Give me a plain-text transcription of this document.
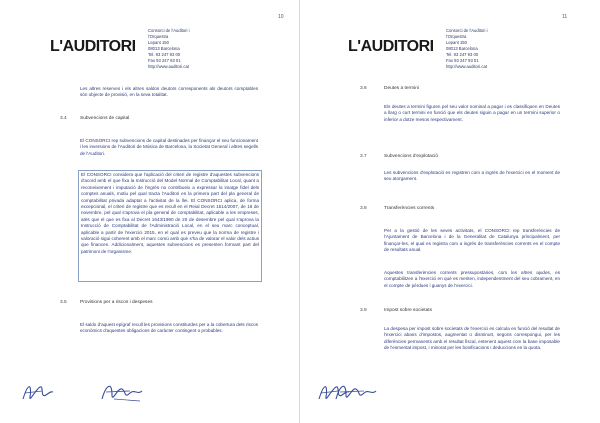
10
L'AUDITORI
Consorci de l'Auditori i
l'Orquestra
Lepant 150
08013 Barcelona
Tel. 93 247 93 00
Fax 93 247 93 01
http://www.auditori.cat
Les altres reserves i els altres saldos deutors corresponents als deutors comptables són objecte de provisió, en la seva totalitat.
3.4	Subvencions de capital
El CONSORCI rep subvencions de capital destinades per finançar el seu funcionament i les inversions de l'Auditori de Música de Barcelona, la Societat General i altres segells de l'Auditori.
El CONSORCI considera que l'aplicació del criteri de registre d'aquestes subvencions d'acord amb el que fixa la Instrucció del Model Normal de Comptabilitat Local, quant a reconeixement i imputació de l'ingrés no contribueix a expressar la imatge fidel dels comptes anuals, motiu pel qual tracta l'Auditori en la primera part del pla general de comptabilitat privada adaptat a l'activitat de la llei. El CONSORCI aplica, de forma excepcional, el criteri de registre que es recull en el Reial Decret 1514/2007, de 16 de novembre, pel qual s'aprova el pla general de comptabilitat, aplicable a les empreses, atès que el que es fixa al Decret 1643/1990 de 20 de desembre pel qual s'aprova la Instrucció de Comptabilitat de l'Administració Local, en el seu marc conceptual, aplicable a partir de l'exercici 2015, en el qual es preveu que la norma de registre i valoració sigui coherent amb el marc comú amb què s'ha de valorar el valor dels actius que financen. Addicionalment, aquestes subvencions es presenten formant part del patrimoni de l'organisme.
3.5	Provisions per a riscos i despeses
El saldo d'aquest epígraf recull les provisions constituïdes per a la cobertura dels riscos econòmics d'aquestes obligacions de caràcter contingent o probables.
11
L'AUDITORI
Consorci de l'Auditori i
l'Orquestra
Lepant 150
08013 Barcelona
Tel. 93 247 93 00
Fax 93 247 93 01
http://www.auditori.cat
3.6	Deutes a termini
Els deutes a termini figuren pel seu valor nominal a pagar i es classifiquen en Deutes a llarg o curt termini en funció que els deutes siguin a pagar en un termini superior o inferior a dotze mesos respectivament.
3.7	Subvencions d'explotació
Les subvencions d'explotació es registren com a ingrés de l'exercici en el moment de seu atorgament.
3.8	Transferències corrents
Per a la gestió de les seves activitats, el CONSORCI rep transferències de l'Ajuntament de Barcelona i de la Generalitat de Catalunya principalment, per finançar-les, el qual es registra com a ingrés de transferències corrents en el compte de resultats anual.
Aquestes transferències corrents pressupostàries, com les altres ajudes, es comptabilitzen a l'exercici en què es meriten, independentment del seu cobrament, en el compte de pèrdues i guanys de l'exercici.
3.9	Impost sobre societats
La despesa per impost sobre societats de l'exercici es calcula en funció del resultat de l'exercici abans d'impostos, augmentat o disminuït, segons correspongui, per les diferències permanents amb el resultat fiscal, entenent aquest com la base imposable de l'esmentat impost, i minorat per les bonificacions i deduccions en la quota.
